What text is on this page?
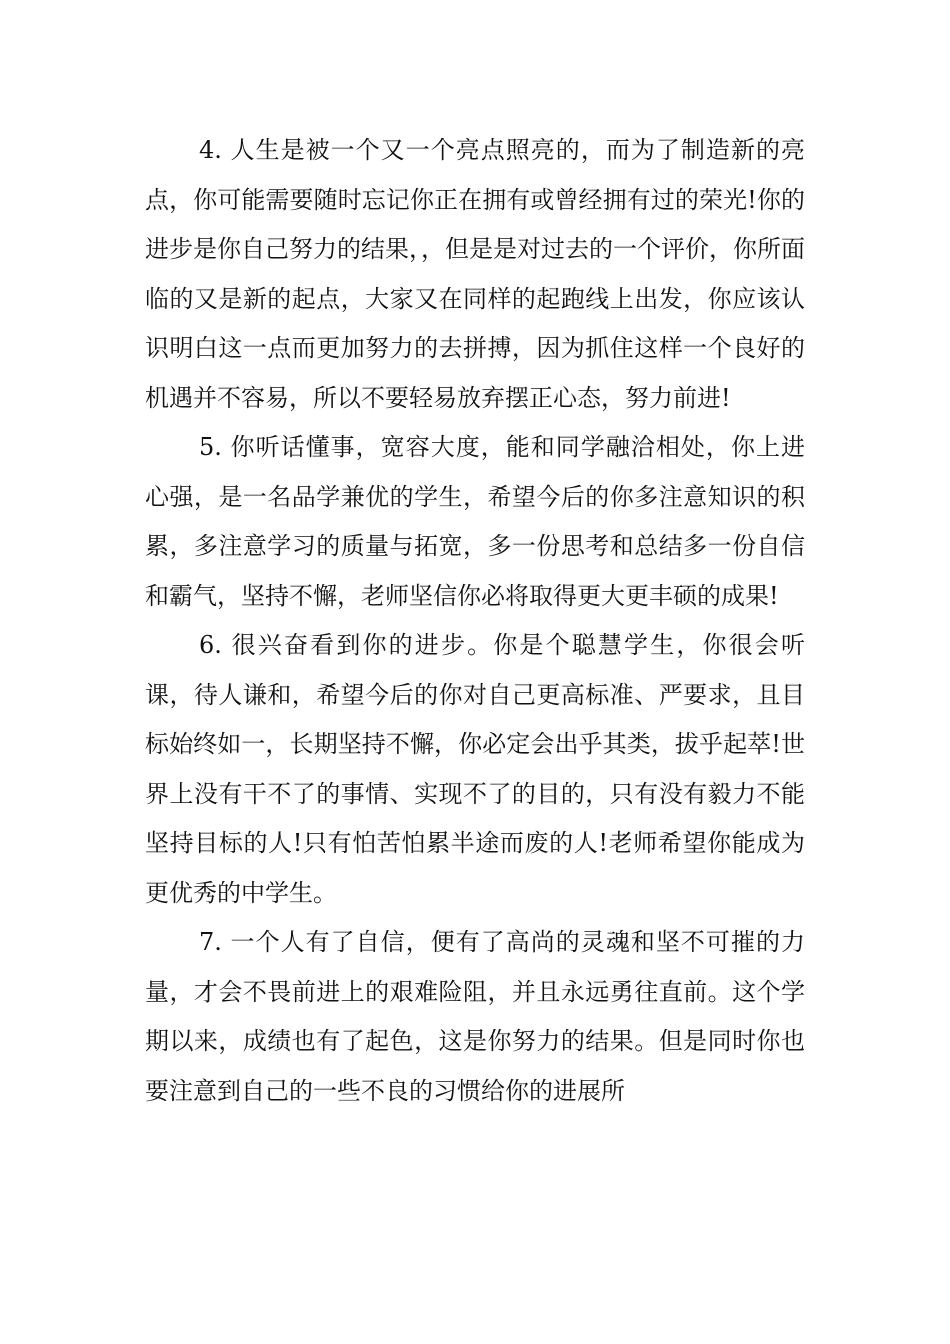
4. 人生是被一个又一个亮点照亮的，而为了制造新的亮点，你可能需要随时忘记你正在拥有或曾经拥有过的荣光!你的进步是你自己努力的结果，，但是是对过去的一个评价，你所面临的又是新的起点，大家又在同样的起跑线上出发，你应该认识明白这一点而更加努力的去拼搏，因为抓住这样一个良好的机遇并不容易，所以不要轻易放弃摆正心态，努力前进!

5. 你听话懂事，宽容大度，能和同学融洽相处，你上进心强，是一名品学兼优的学生，希望今后的你多注意知识的积累，多注意学习的质量与拓宽，多一份思考和总结多一份自信和霸气，坚持不懈，老师坚信你必将取得更大更丰硕的成果!

6. 很兴奋看到你的进步。你是个聪慧学生，你很会听课，待人谦和，希望今后的你对自己更高标准、严要求，且目标始终如一，长期坚持不懈，你必定会出乎其类，拔乎起萃!世界上没有干不了的事情、实现不了的目的，只有没有毅力不能坚持目标的人!只有怕苦怕累半途而废的人!老师希望你能成为更优秀的中学生。

7. 一个人有了自信，便有了高尚的灵魂和坚不可摧的力量，才会不畏前进上的艰难险阻，并且永远勇往直前。这个学期以来，成绩也有了起色，这是你努力的结果。但是同时你也要注意到自己的一些不良的习惯给你的进展所
